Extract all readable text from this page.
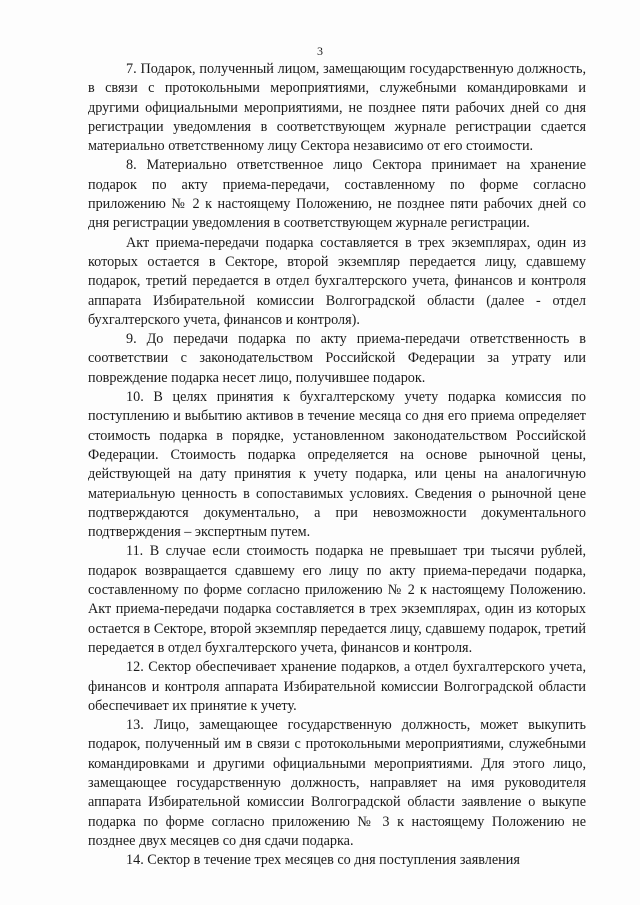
3

7. Подарок, полученный лицом, замещающим государственную должность, в связи с протокольными мероприятиями, служебными командировками и другими официальными мероприятиями, не позднее пяти рабочих дней со дня регистрации уведомления в соответствующем журнале регистрации сдается материально ответственному лицу Сектора независимо от его стоимости.

8. Материально ответственное лицо Сектора принимает на хранение подарок по акту приема-передачи, составленному по форме согласно приложению № 2 к настоящему Положению, не позднее пяти рабочих дней со дня регистрации уведомления в соответствующем журнале регистрации.

Акт приема-передачи подарка составляется в трех экземплярах, один из которых остается в Секторе, второй экземпляр передается лицу, сдавшему подарок, третий передается в отдел бухгалтерского учета, финансов и контроля аппарата Избирательной комиссии Волгоградской области (далее - отдел бухгалтерского учета, финансов и контроля).

9. До передачи подарка по акту приема-передачи ответственность в соответствии с законодательством Российской Федерации за утрату или повреждение подарка несет лицо, получившее подарок.

10. В целях принятия к бухгалтерскому учету подарка комиссия по поступлению и выбытию активов в течение месяца со дня его приема определяет стоимость подарка в порядке, установленном законодательством Российской Федерации. Стоимость подарка определяется на основе рыночной цены, действующей на дату принятия к учету подарка, или цены на аналогичную материальную ценность в сопоставимых условиях. Сведения о рыночной цене подтверждаются документально, а при невозможности документального подтверждения – экспертным путем.

11. В случае если стоимость подарка не превышает три тысячи рублей, подарок возвращается сдавшему его лицу по акту приема-передачи подарка, составленному по форме согласно приложению № 2 к настоящему Положению. Акт приема-передачи подарка составляется в трех экземплярах, один из которых остается в Секторе, второй экземпляр передается лицу, сдавшему подарок, третий передается в отдел бухгалтерского учета, финансов и контроля.

12. Сектор обеспечивает хранение подарков, а отдел бухгалтерского учета, финансов и контроля аппарата Избирательной комиссии Волгоградской области обеспечивает их принятие к учету.

13. Лицо, замещающее государственную должность, может выкупить подарок, полученный им в связи с протокольными мероприятиями, служебными командировками и другими официальными мероприятиями. Для этого лицо, замещающее государственную должность, направляет на имя руководителя аппарата Избирательной комиссии Волгоградской области заявление о выкупе подарка по форме согласно приложению № 3 к настоящему Положению не позднее двух месяцев со дня сдачи подарка.

14. Сектор в течение трех месяцев со дня поступления заявления
